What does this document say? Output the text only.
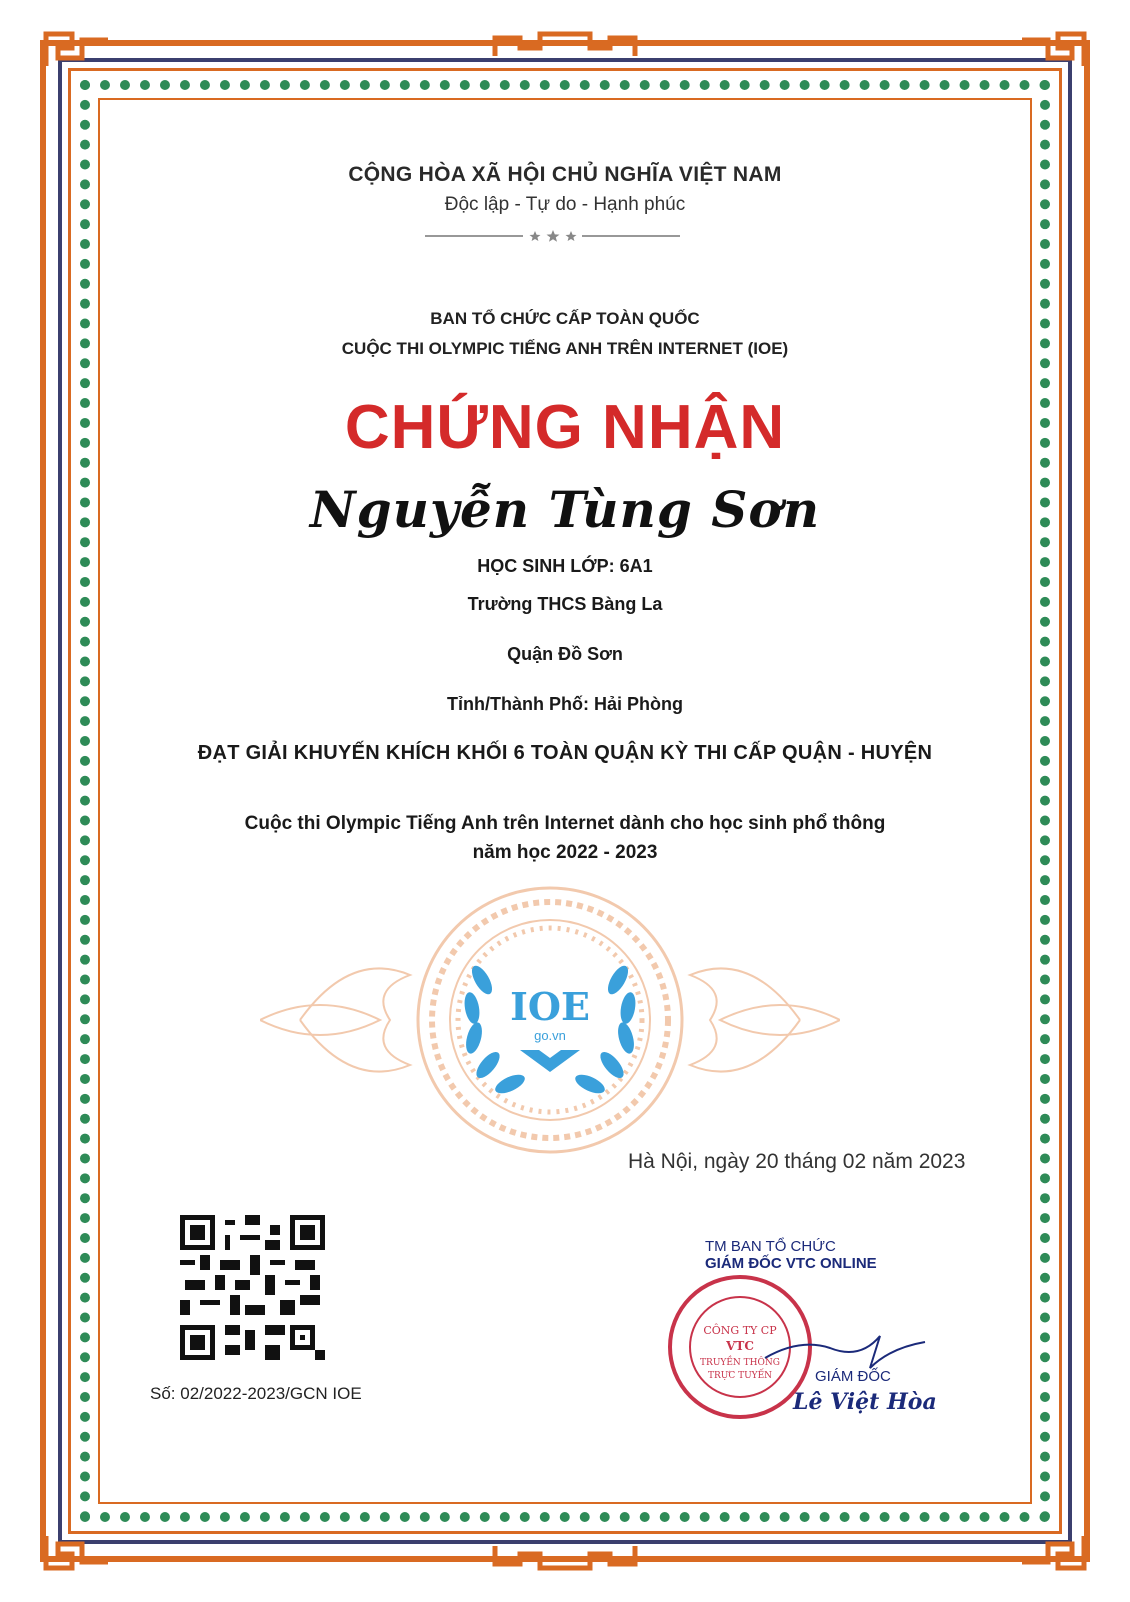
CỘNG HÒA XÃ HỘI CHỦ NGHĨA VIỆT NAM
Độc lập - Tự do - Hạnh phúc
BAN TỔ CHỨC CẤP TOÀN QUỐC
CUỘC THI OLYMPIC TIẾNG ANH TRÊN INTERNET (IOE)
CHỨNG NHẬN
Nguyễn Tùng Sơn
HỌC SINH LỚP: 6A1
Trường THCS Bàng La
Quận Đồ Sơn
Tỉnh/Thành Phố: Hải Phòng
ĐẠT GIẢI KHUYẾN KHÍCH KHỐI 6 TOÀN QUẬN KỲ THI CẤP QUẬN - HUYỆN
Cuộc thi Olympic Tiếng Anh trên Internet dành cho học sinh phổ thông
năm học 2022 - 2023
IOE
go.vn
Hà Nội, ngày 20 tháng 02 năm 2023
Số: 02/2022-2023/GCN IOE
TM BAN TỔ CHỨC
GIÁM ĐỐC VTC ONLINE
CÔNG TY CP
VTC
TRUYỀN THÔNG
TRỰC TUYẾN	GIÁM ĐỐC
Lê Việt Hòa
